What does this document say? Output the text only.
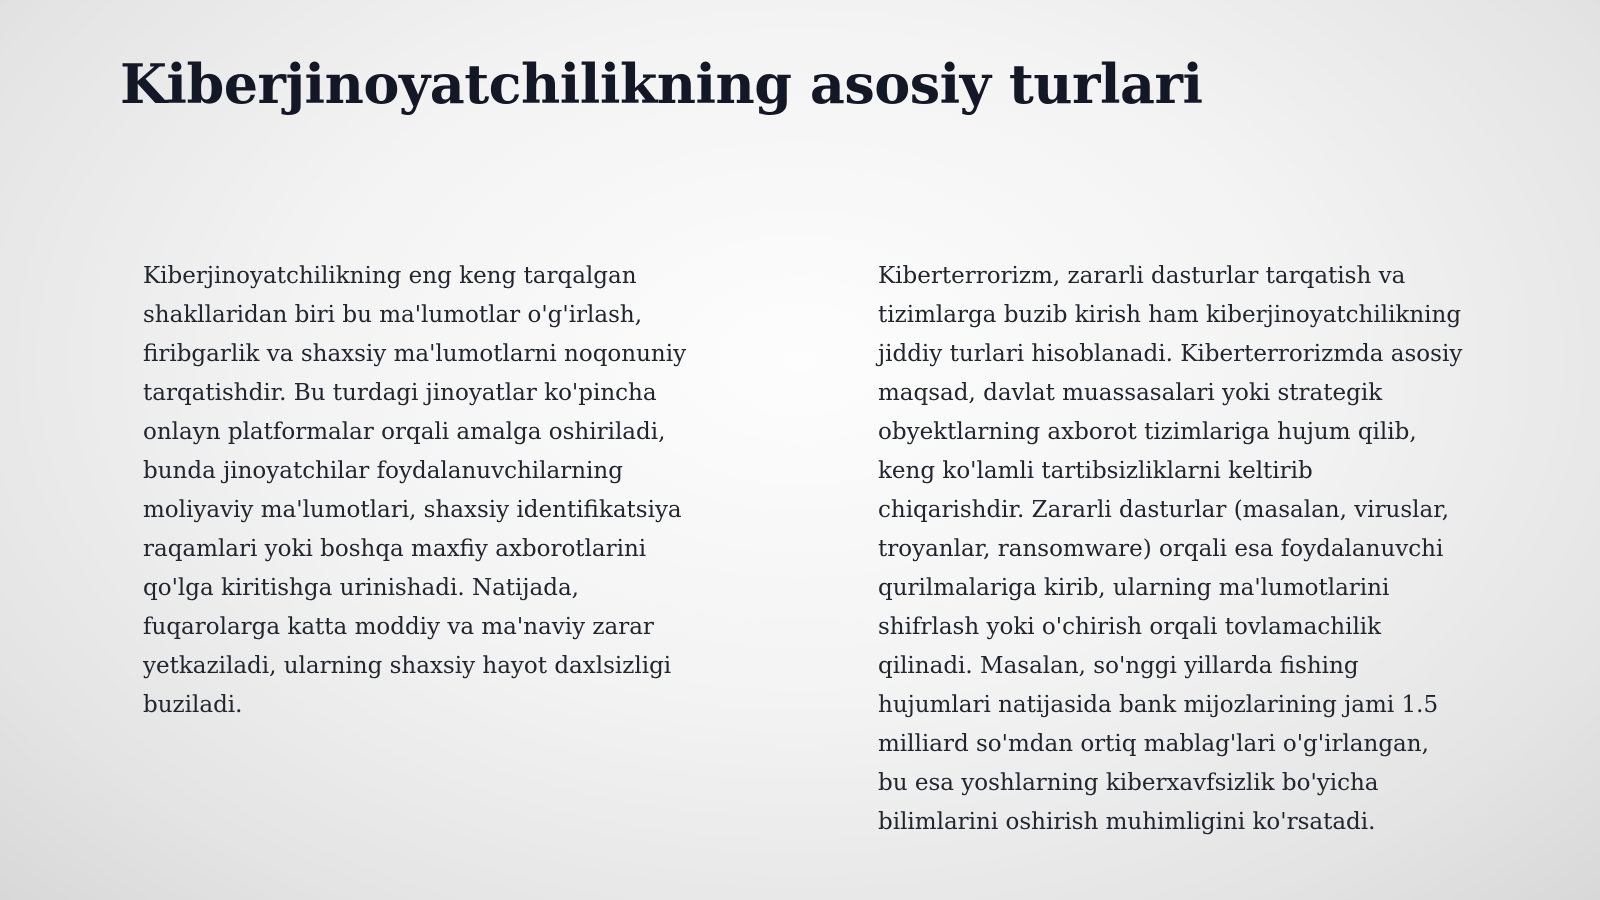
Kiberjinoyatchilikning asosiy turlari

Kiberjinoyatchilikning eng keng tarqalgan shakllaridan biri bu ma'lumotlar o'g'irlash, firibgarlik va shaxsiy ma'lumotlarni noqonuniy tarqatishdir. Bu turdagi jinoyatlar ko'pincha onlayn platformalar orqali amalga oshiriladi, bunda jinoyatchilar foydalanuvchilarning moliyaviy ma'lumotlari, shaxsiy identifikatsiya raqamlari yoki boshqa maxfiy axborotlarini qo'lga kiritishga urinishadi. Natijada, fuqarolarga katta moddiy va ma'naviy zarar yetkaziladi, ularning shaxsiy hayot daxlsizligi buziladi.

Kiberterrorizm, zararli dasturlar tarqatish va tizimlarga buzib kirish ham kiberjinoyatchilikning jiddiy turlari hisoblanadi. Kiberterrorizmda asosiy maqsad, davlat muassasalari yoki strategik obyektlarning axborot tizimlariga hujum qilib, keng ko'lamli tartibsizliklarni keltirib chiqarishdir. Zararli dasturlar (masalan, viruslar, troyanlar, ransomware) orqali esa foydalanuvchi qurilmalariga kirib, ularning ma'lumotlarini shifrlash yoki o'chirish orqali tovlamachilik qilinadi. Masalan, so'nggi yillarda fishing hujumlari natijasida bank mijozlarining jami 1.5 milliard so'mdan ortiq mablag'lari o'g'irlangan, bu esa yoshlarning kiberxavfsizlik bo'yicha bilimlarini oshirish muhimligini ko'rsatadi.
